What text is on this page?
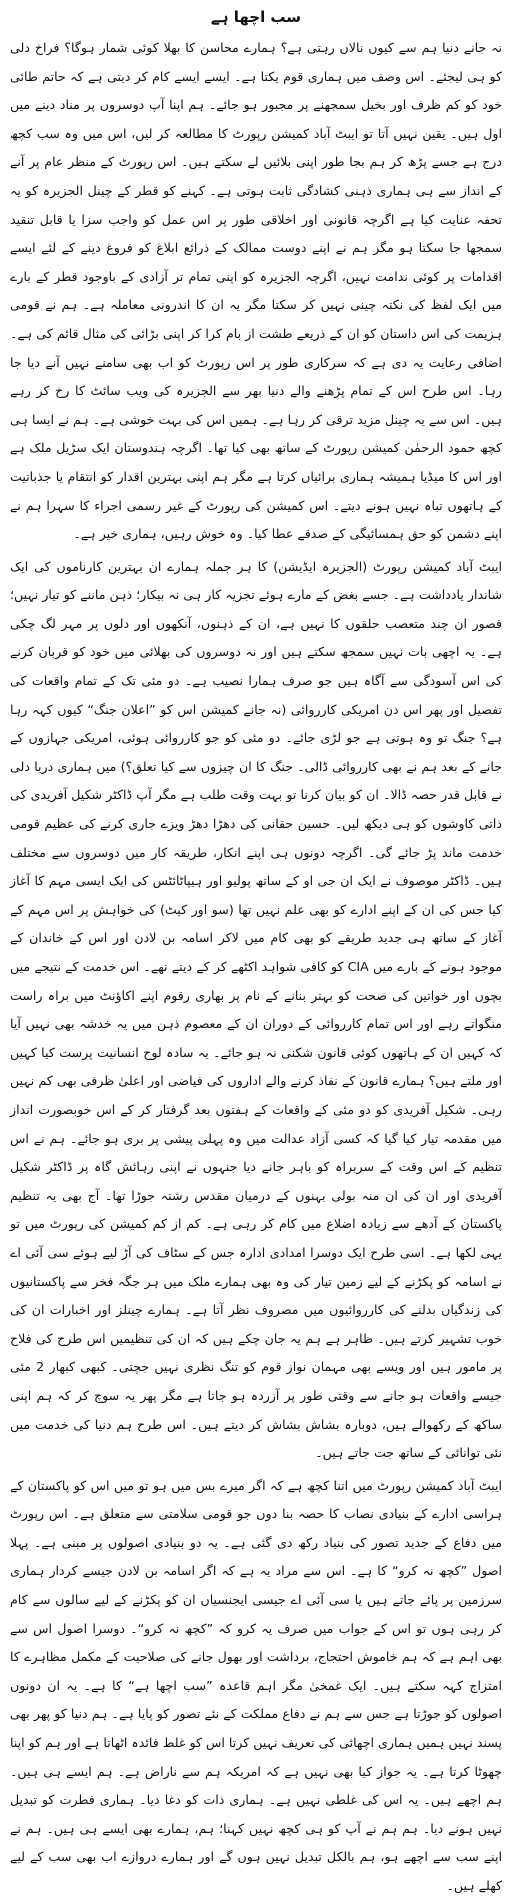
سب اچھا ہے

نہ جانے دنیا ہم سے کیوں نالاں رہتی ہے؟ ہمارے محاسن کا بھلا کوئی شمار ہوگا؟ فراخ دلی کو ہی لیجئے۔ اس وصف میں ہماری قوم یکتا ہے۔ ایسے ایسے کام کر دیتی ہے کہ حاتم طائی خود کو کم ظرف اور بخیل سمجھنے پر مجبور ہو جائے۔ ہم اپنا آپ دوسروں پر مناد دینے میں اول ہیں۔ یقین نہیں آتا تو ایبٹ آباد کمیشن رپورٹ کا مطالعہ کر لیں، اس میں وہ سب کچھ درج ہے جسے پڑھ کر ہم بجا طور اپنی بلائیں لے سکتے ہیں۔ اس رپورٹ کے منظر عام پر آنے کے انداز سے ہی ہماری ذہنی کشادگی ثابت ہوتی ہے۔ کہنے کو قطر کے چینل الجزیرہ کو یہ تحفہ عنایت کیا ہے اگرچہ قانونی اور اخلاقی طور پر اس عمل کو واجب سزا یا قابل تنقید سمجھا جا سکتا ہو مگر ہم نے اپنے دوست ممالک کے ذرائع ابلاغ کو فروغ دینے کے لئے ایسے اقدامات پر کوئی ندامت نہیں، اگرچہ الجزیرہ کو اپنی تمام تر آزادی کے باوجود قطر کے بارے میں ایک لفظ کی نکتہ چینی نہیں کر سکتا مگر یہ ان کا اندرونی معاملہ ہے۔ ہم نے قومی ہزیمت کی اس داستان کو ان کے ذریعے طشت از بام کرا کر اپنی بڑائی کی مثال قائم کی ہے۔ اضافی رعایت یہ دی ہے کہ سرکاری طور پر اس رپورٹ کو اب بھی سامنے نہیں آنے دیا جا رہا۔ اس طرح اس کے تمام پڑھنے والے دنیا بھر سے الجزیرہ کی ویب سائٹ کا رخ کر رہے ہیں۔ اس سے یہ چینل مزید ترقی کر رہا ہے۔ ہمیں اس کی بہت خوشی ہے۔ ہم نے ایسا ہی کچھ حمود الرحمٰن کمیشن رپورٹ کے ساتھ بھی کیا تھا۔ اگرچہ ہندوستان ایک سڑیل ملک ہے اور اس کا میڈیا ہمیشہ ہماری برائیاں کرتا ہے مگر ہم اپنی بہترین اقدار کو انتقام یا جذباتیت کے ہاتھوں تباہ نہیں ہونے دیتے۔ اس کمیشن کی رپورٹ کے غیر رسمی اجراء کا سہرا ہم نے اپنے دشمن کو حق ہمسائیگی کے صدقے عطا کیا۔ وہ خوش رہیں، ہماری خیر ہے۔

ایبٹ آباد کمیشن رپورٹ (الجزیرہ ایڈیشن) کا ہر جملہ ہمارے ان بہترین کارناموں کی ایک شاندار یادداشت ہے۔ جسے بغض کے مارے ہوئے تجزیہ کار ہی نہ بیکار؛ ذہن ماننے کو تیار نہیں؛ قصور ان چند متعصب حلقوں کا نہیں ہے، ان کے ذہنوں، آنکھوں اور دلوں پر مہر لگ چکی ہے۔ یہ اچھی بات نہیں سمجھ سکتے ہیں اور نہ دوسروں کی بھلائی میں خود کو قربان کرنے کی اس آسودگی سے آگاہ ہیں جو صرف ہمارا نصیب ہے۔ دو مئی تک کے تمام واقعات کی تفصیل اور پھر اس دن امریکی کارروائی (نہ جانے کمیشن اس کو ”اعلان جنگ“ کیوں کہہ رہا ہے؟ جنگ تو وہ ہوتی ہے جو لڑی جائے۔ دو مئی کو جو کارروائی ہوئی، امریکی جہازوں کے جانے کے بعد ہم نے بھی کارروائی ڈالی۔ جنگ کا ان چیزوں سے کیا تعلق؟) میں ہماری دریا دلی نے قابل قدر حصہ ڈالا۔ ان کو بیان کرنا تو بہت وقت طلب ہے مگر آپ ڈاکٹر شکیل آفریدی کی ذاتی کاوشوں کو ہی دیکھ لیں۔ حسین حقانی کی دھڑا دھڑ ویزے جاری کرنے کی عظیم قومی خدمت ماند پڑ جائے گی۔ اگرچہ دونوں ہی اپنے انکار، طریقہ کار میں دوسروں سے مختلف ہیں۔ ڈاکٹر موصوف نے ایک ان جی او کے ساتھ پولیو اور ہیپاٹائٹس کی ایک ایسی مہم کا آغاز کیا جس کی ان کے اپنے ادارے کو بھی علم نہیں تھا (سو اور کیٹ) کی خواہش پر اس مہم کے آغاز کے ساتھ ہی جدید طریقے کو بھی کام میں لاکر اسامہ بن لادن اور اس کے خاندان کے موجود ہونے کے بارے میں CIA کو کافی شواہد اکٹھے کر کے دیتے تھے۔ اس خدمت کے نتیجے میں بچوں اور خواتین کی صحت کو بہتر بنانے کے نام پر بھاری رقوم اپنے اکاؤنٹ میں براہ راست منگواتے رہے اور اس تمام کارروائی کے دوران ان کے معصوم ذہن میں یہ خدشہ بھی نہیں آیا کہ کہیں ان کے ہاتھوں کوئی قانون شکنی نہ ہو جائے۔ یہ سادہ لوح انسانیت پرست کیا کہیں اور ملتے ہیں؟ ہمارے قانون کے نفاذ کرنے والے اداروں کی فیاضی اور اعلیٰ ظرفی بھی کم نہیں رہی۔ شکیل آفریدی کو دو مئی کے واقعات کے ہفتوں بعد گرفتار کر کے اس خوبصورت انداز میں مقدمہ تیار کیا گیا کہ کسی آزاد عدالت میں وہ پہلی پیشی پر بری ہو جائے۔ ہم نے اس تنظیم کے اس وقت کے سربراہ کو باہر جانے دیا جنہوں نے اپنی رہائش گاہ پر ڈاکٹر شکیل آفریدی اور ان کی ان منہ بولی بہنوں کے درمیان مقدس رشتہ جوڑا تھا۔ آج بھی یہ تنظیم پاکستان کے آدھے سے زیادہ اضلاع میں کام کر رہی ہے۔ کم از کم کمیشن کی رپورٹ میں تو یہی لکھا ہے۔ اسی طرح ایک دوسرا امدادی ادارہ جس کے سٹاف کی آڑ لیے ہوئے سی آئی اے نے اسامہ کو پکڑنے کے لیے زمین تیار کی وہ بھی ہمارے ملک میں ہر جگہ فخر سے پاکستانیوں کی زندگیاں بدلنے کی کارروائیوں میں مصروف نظر آتا ہے۔ ہمارے چینلز اور اخبارات ان کی خوب تشہیر کرتے ہیں۔ ظاہر ہے ہم یہ جان چکے ہیں کہ ان کی تنظیمیں اس طرح کی فلاح پر مامور ہیں اور ویسے بھی مہمان نواز قوم کو تنگ نظری نہیں جچتی۔ کبھی کبھار 2 مئی جیسے واقعات ہو جانے سے وقتی طور پر آزردہ ہو جاتا ہے مگر پھر یہ سوچ کر کہ ہم اپنی ساکھ کے رکھوالے ہیں، دوبارہ بشاش بشاش کر دیتے ہیں۔ اس طرح ہم دنیا کی خدمت میں نئی توانائی کے ساتھ جت جاتے ہیں۔

ایبٹ آباد کمیشن رپورٹ میں اتنا کچھ ہے کہ اگر میرے بس میں ہو تو میں اس کو پاکستان کے ہراسی ادارے کے بنیادی نصاب کا حصہ بنا دوں جو قومی سلامتی سے متعلق ہے۔ اس رپورٹ میں دفاع کے جدید تصور کی بنیاد رکھ دی گئی ہے۔ یہ دو بنیادی اصولوں پر مبنی ہے۔ پہلا اصول ”کچھ نہ کرو“ کا ہے۔ اس سے مراد یہ ہے کہ اگر اسامہ بن لادن جیسے کردار ہماری سرزمین پر پائے جاتے ہیں یا سی آئی اے جیسی ایجنسیاں ان کو پکڑنے کے لیے سالوں سے کام کر رہی ہوں تو اس کے جواب میں صرف یہ کرو کہ ”کچھ نہ کرو“۔ دوسرا اصول اس سے بھی اہم ہے کہ ہم خاموش احتجاج، برداشت اور بھول جانے کی صلاحیت کے مکمل مظاہرے کا امتزاج کہہ سکتے ہیں۔ ایک غمخیٰ مگر اہم قاعدہ ”سب اچھا ہے“ کا ہے۔ یہ ان دونوں اصولوں کو جوڑتا ہے جس سے ہم نے دفاع مملکت کے نئے تصور کو پایا ہے۔ ہم دنیا کو پھر بھی پسند نہیں ہمیں ہماری اچھائی کی تعریف نہیں کرتا اس کو غلط فائدہ اٹھاتا ہے اور ہم کو اپنا چھوٹا کرتا ہے۔ یہ جواز کیا بھی نہیں ہے کہ امریکہ ہم سے ناراض ہے۔ ہم ایسے ہی ہیں۔ ہم اچھے ہیں۔ یہ اس کی غلطی نہیں ہے۔ ہماری ذات کو دغا دیا۔ ہماری فطرت کو تبدیل نہیں ہونے دیا۔ ہم ہم نے آپ کو ہی کچھ نہیں کہنا؛ ہم، ہمارے بھی ایسے ہی ہیں۔ ہم نے اپنے سب سے اچھے ہو، ہم بالکل تبدیل نہیں ہوں گے اور ہمارے دروازے اب بھی سب کے لیے کھلے ہیں۔
